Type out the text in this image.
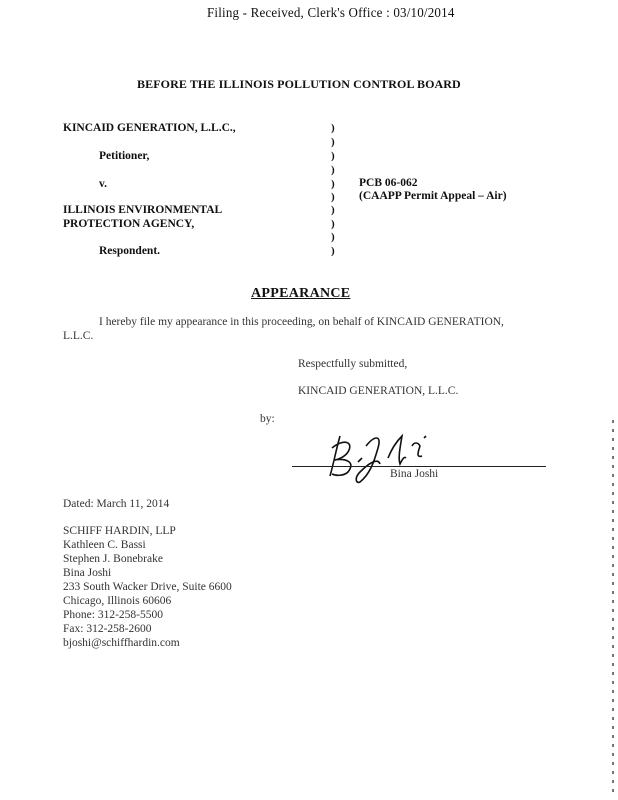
Filing - Received, Clerk's Office : 03/10/2014
BEFORE THE ILLINOIS POLLUTION CONTROL BOARD
KINCAID GENERATION, L.L.C.,
Petitioner,
v.
ILLINOIS ENVIRONMENTAL
PROTECTION AGENCY,
Respondent.
)
)
)
)
)
)
)
)
)
)
PCB 06-062
(CAAPP Permit Appeal – Air)
APPEARANCE
I hereby file my appearance in this proceeding, on behalf of KINCAID GENERATION,
L.L.C.
Respectfully submitted,
KINCAID GENERATION, L.L.C.
by:
Bina Joshi
Dated: March 11, 2014
SCHIFF HARDIN, LLP
Kathleen C. Bassi
Stephen J. Bonebrake
Bina Joshi
233 South Wacker Drive, Suite 6600
Chicago, Illinois 60606
Phone: 312-258-5500
Fax: 312-258-2600
bjoshi@schiffhardin.com
